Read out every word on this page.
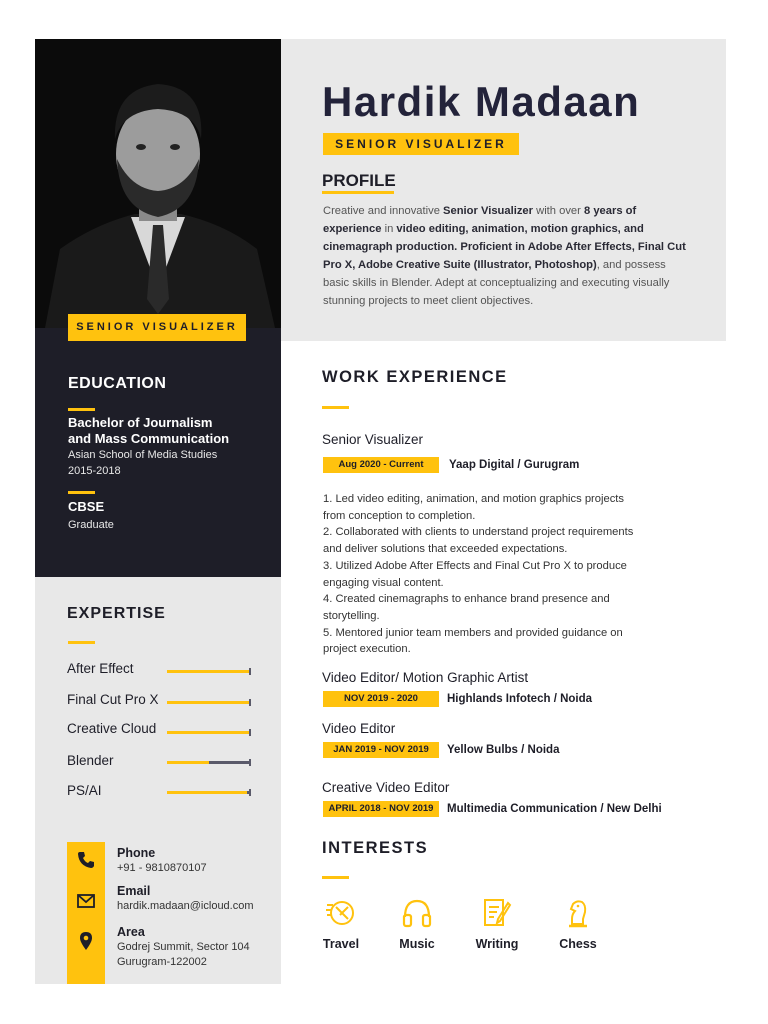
SENIOR VISUALIZER
Hardik Madaan
SENIOR VISUALIZER
PROFILE
Creative and innovative Senior Visualizer with over 8 years of experience in video editing, animation, motion graphics, and cinemagraph production. Proficient in Adobe After Effects, Final Cut Pro X, Adobe Creative Suite (Illustrator, Photoshop), and possess basic skills in Blender. Adept at conceptualizing and executing visually stunning projects to meet client objectives.
EDUCATION
Bachelor of Journalism
and Mass Communication
Asian School of Media Studies
2015-2018
CBSE
Graduate
EXPERTISE
After Effect
Final Cut Pro X
Creative Cloud
Blender
PS/AI
Phone
+91 - 9810870107
Email
hardik.madaan@icloud.com
Area
Godrej Summit, Sector 104
Gurugram-122002
WORK EXPERIENCE
Senior Visualizer
Aug 2020 - Current	Yaap Digital / Gurugram
1. Led video editing, animation, and motion graphics projects
from conception to completion.
2. Collaborated with clients to understand project requirements
and deliver solutions that exceeded expectations.
3. Utilized Adobe After Effects and Final Cut Pro X to produce
engaging visual content.
4. Created cinemagraphs to enhance brand presence and
storytelling.
5. Mentored junior team members and provided guidance on
project execution.
Video Editor/ Motion Graphic Artist
NOV 2019 - 2020	Highlands Infotech / Noida
Video Editor
JAN 2019 - NOV 2019	Yellow Bulbs / Noida
Creative Video Editor
APRIL 2018 - NOV 2019	Multimedia Communication / New Delhi
INTERESTS
Travel	Music	Writing	Chess
